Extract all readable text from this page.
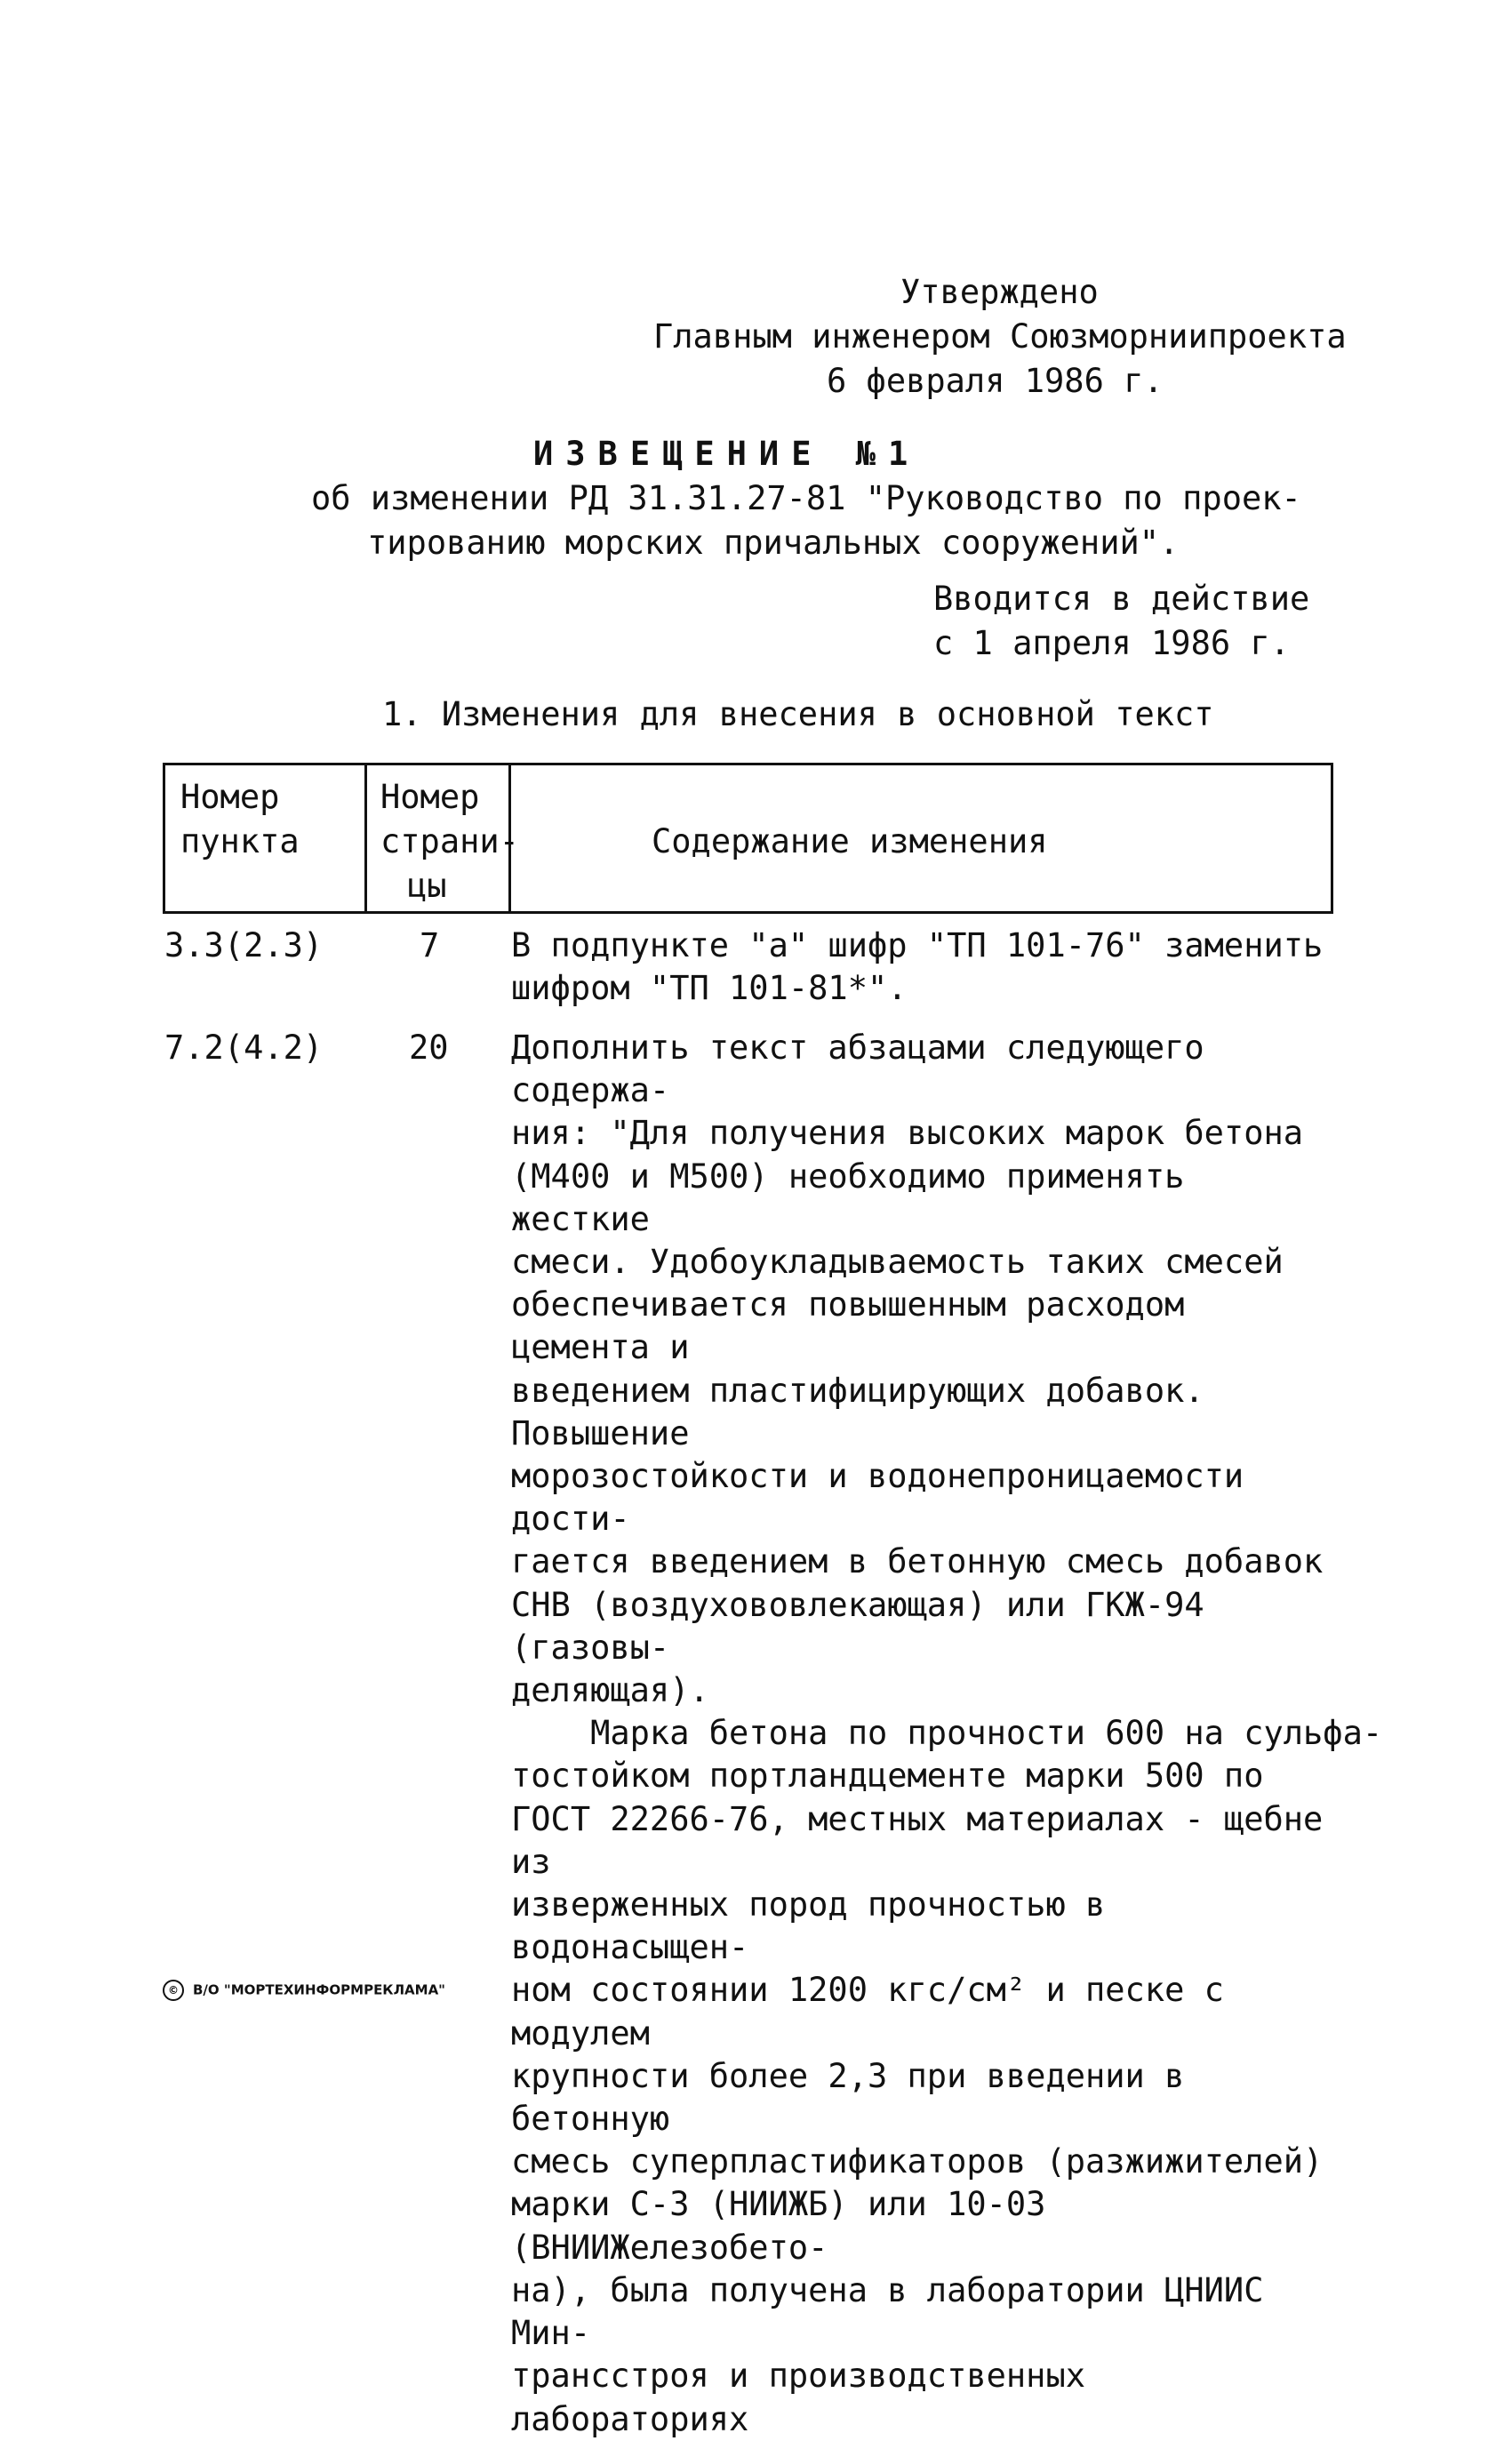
Утверждено
Главным инженером Союзморниипроекта
6 февраля 1986 г.
ИЗВЕЩЕНИЕ №1
об изменении РД 31.31.27-81 "Руководство по проек-
тированию морских причальных сооружений".
Вводится в действие
с 1 апреля 1986 г.
1. Изменения для внесения в основной текст
Номер
пункта
Номер
страни-
цы
Содержание изменения
3.3(2.3)	7 В подпункте "а" шифр "ТП 101-76" заменить

шифром "ТП 101-81*".

7.2(4.2)	20 Дополнить текст абзацами следующего содержа-

ния: "Для получения высоких марок бетона

(М400 и М500) необходимо применять жесткие

смеси. Удобоукладываемость таких смесей

обеспечивается повышенным расходом цемента и

введением пластифицирующих добавок. Повышение

морозостойкости и водонепроницаемости дости-

гается введением в бетонную смесь добавок

СНВ (воздухововлекающая) или ГКЖ-94 (газовы-

деляющая).

Марка бетона по прочности 600 на сульфа-

тостойком портландцементе марки 500 по

ГОСТ 22266-76, местных материалах - щебне из

изверженных пород прочностью в водонасыщен-

ном состоянии 1200 кгс/см² и песке с модулем

крупности более 2,3 при введении в бетонную

смесь суперпластификаторов (разжижителей)

марки С-3 (НИИЖБ) или 10-03 (ВНИИЖелезобето-

на), была получена в лаборатории ЦНИИС Мин-

трансстроя и производственных лабораториях

© В/О "МОРТЕХИНФОРМРЕКЛАМА"
